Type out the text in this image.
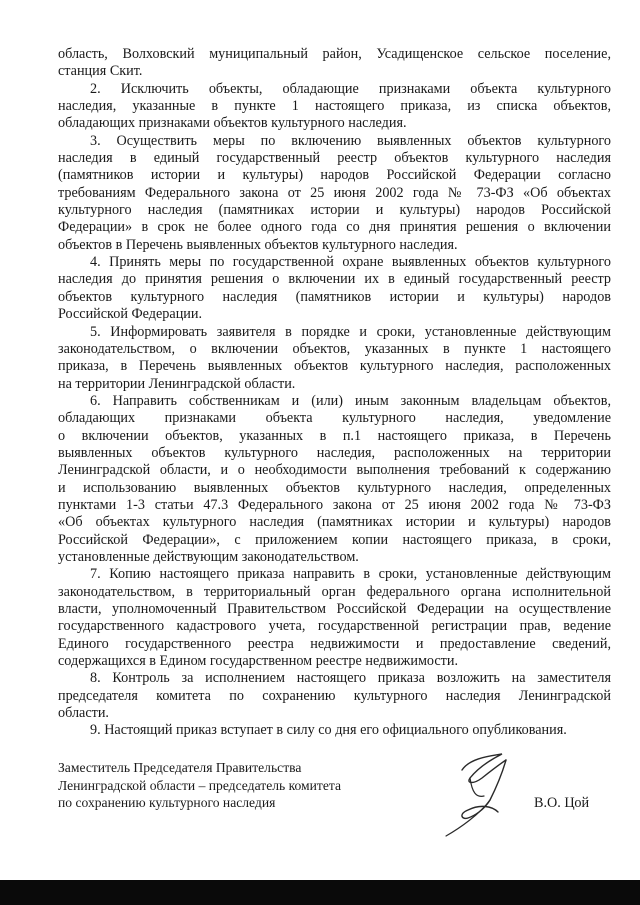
область, Волховский муниципальный район, Усадищенское сельское поселение,
станция Скит.
2. Исключить объекты, обладающие признаками объекта культурного
наследия, указанные в пункте 1 настоящего приказа, из списка объектов,
обладающих признаками объектов культурного наследия.
3. Осуществить меры по включению выявленных объектов культурного
наследия в единый государственный реестр объектов культурного наследия
(памятников истории и культуры) народов Российской Федерации согласно
требованиям Федерального закона от 25 июня 2002 года № 73-ФЗ «Об объектах
культурного наследия (памятниках истории и культуры) народов Российской
Федерации» в срок не более одного года со дня принятия решения о включении
объектов в Перечень выявленных объектов культурного наследия.
4. Принять меры по государственной охране выявленных объектов культурного
наследия до принятия решения о включении их в единый государственный реестр
объектов культурного наследия (памятников истории и культуры) народов
Российской Федерации.
5. Информировать заявителя в порядке и сроки, установленные действующим
законодательством, о включении объектов, указанных в пункте 1 настоящего
приказа, в Перечень выявленных объектов культурного наследия, расположенных
на территории Ленинградской области.
6. Направить собственникам и (или) иным законным владельцам объектов,
обладающих признаками объекта культурного наследия, уведомление
о включении объектов, указанных в п.1 настоящего приказа, в Перечень
выявленных объектов культурного наследия, расположенных на территории
Ленинградской области, и о необходимости выполнения требований к содержанию
и использованию выявленных объектов культурного наследия, определенных
пунктами 1-3 статьи 47.3 Федерального закона от 25 июня 2002 года № 73-ФЗ
«Об объектах культурного наследия (памятниках истории и культуры) народов
Российской Федерации», с приложением копии настоящего приказа, в сроки,
установленные действующим законодательством.
7. Копию настоящего приказа направить в сроки, установленные действующим
законодательством, в территориальный орган федерального органа исполнительной
власти, уполномоченный Правительством Российской Федерации на осуществление
государственного кадастрового учета, государственной регистрации прав, ведение
Единого государственного реестра недвижимости и предоставление сведений,
содержащихся в Едином государственном реестре недвижимости.
8. Контроль за исполнением настоящего приказа возложить на заместителя
председателя комитета по сохранению культурного наследия Ленинградской
области.
9. Настоящий приказ вступает в силу со дня его официального опубликования.
Заместитель Председателя Правительства
Ленинградской области – председатель комитета
по сохранению культурного наследия	В.О. Цой
